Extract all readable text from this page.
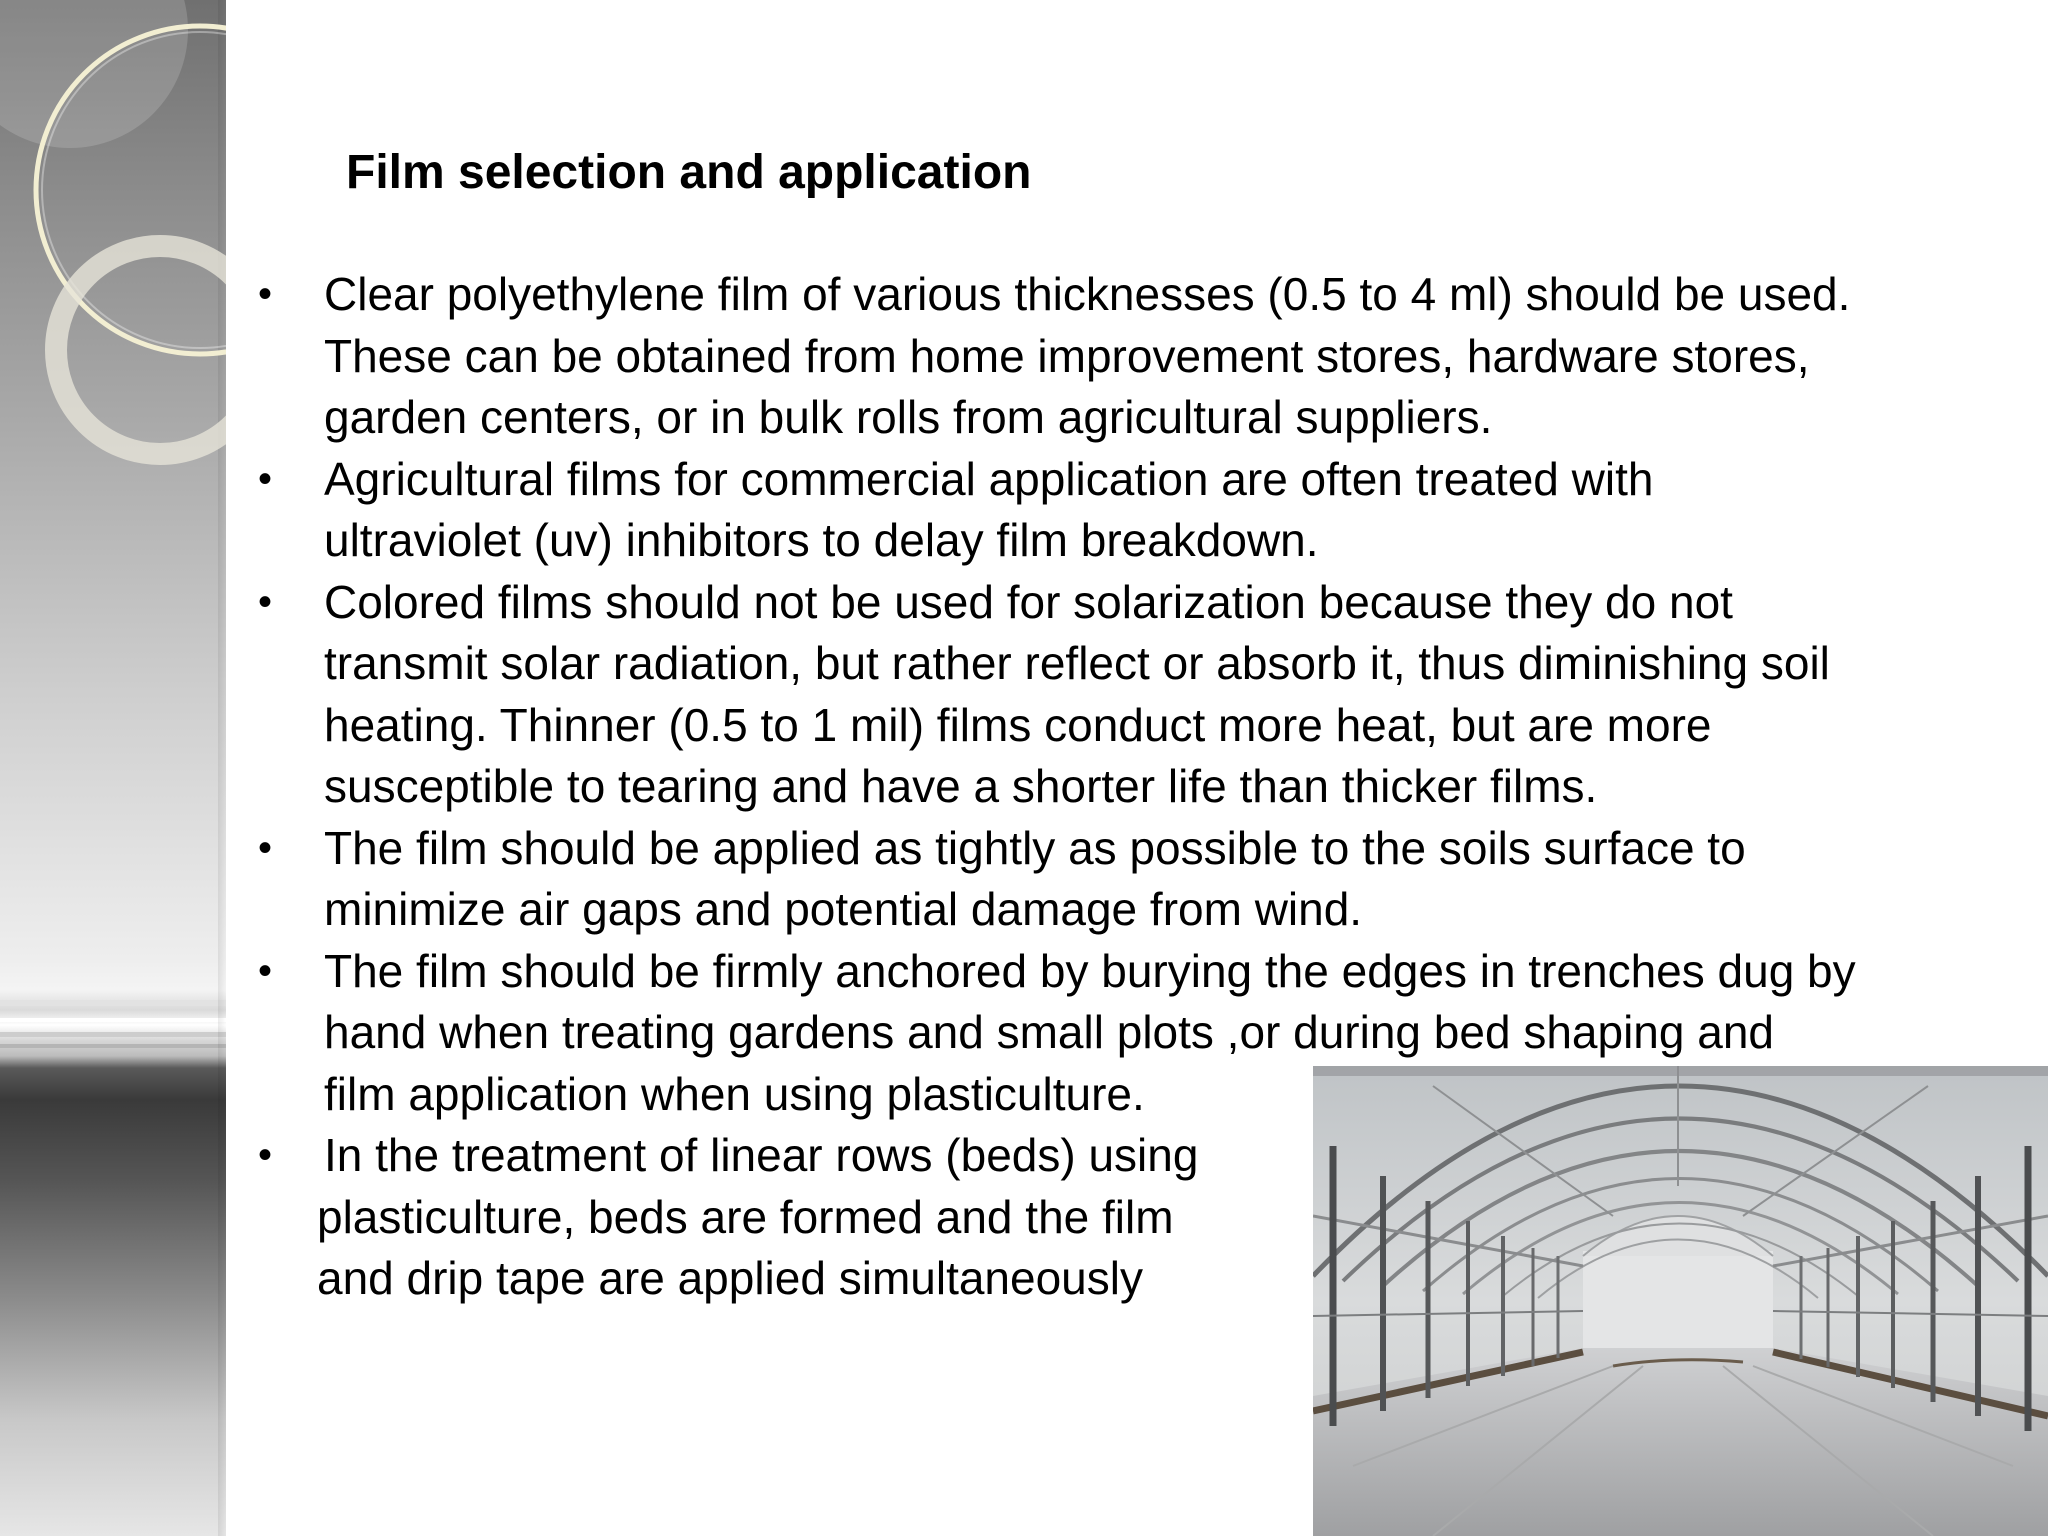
Film selection and application
• Clear polyethylene film of various thicknesses (0.5 to 4 ml) should be used.
These can be obtained from home improvement stores, hardware stores,
garden centers, or in bulk rolls from agricultural suppliers.
• Agricultural films for commercial application are often treated with
ultraviolet (uv) inhibitors to delay film breakdown.
• Colored films should not be used for solarization because they do not
transmit solar radiation, but rather reflect or absorb it, thus diminishing soil
heating. Thinner (0.5 to 1 mil) films conduct more heat, but are more
susceptible to tearing and have a shorter life than thicker films.
• The film should be applied as tightly as possible to the soils surface to
minimize air gaps and potential damage from wind.
• The film should be firmly anchored by burying the edges in trenches dug by
hand when treating gardens and small plots ,or during bed shaping and
film application when using plasticulture.
• In the treatment of linear rows (beds) using
plasticulture, beds are formed and the film
and drip tape are applied simultaneously
